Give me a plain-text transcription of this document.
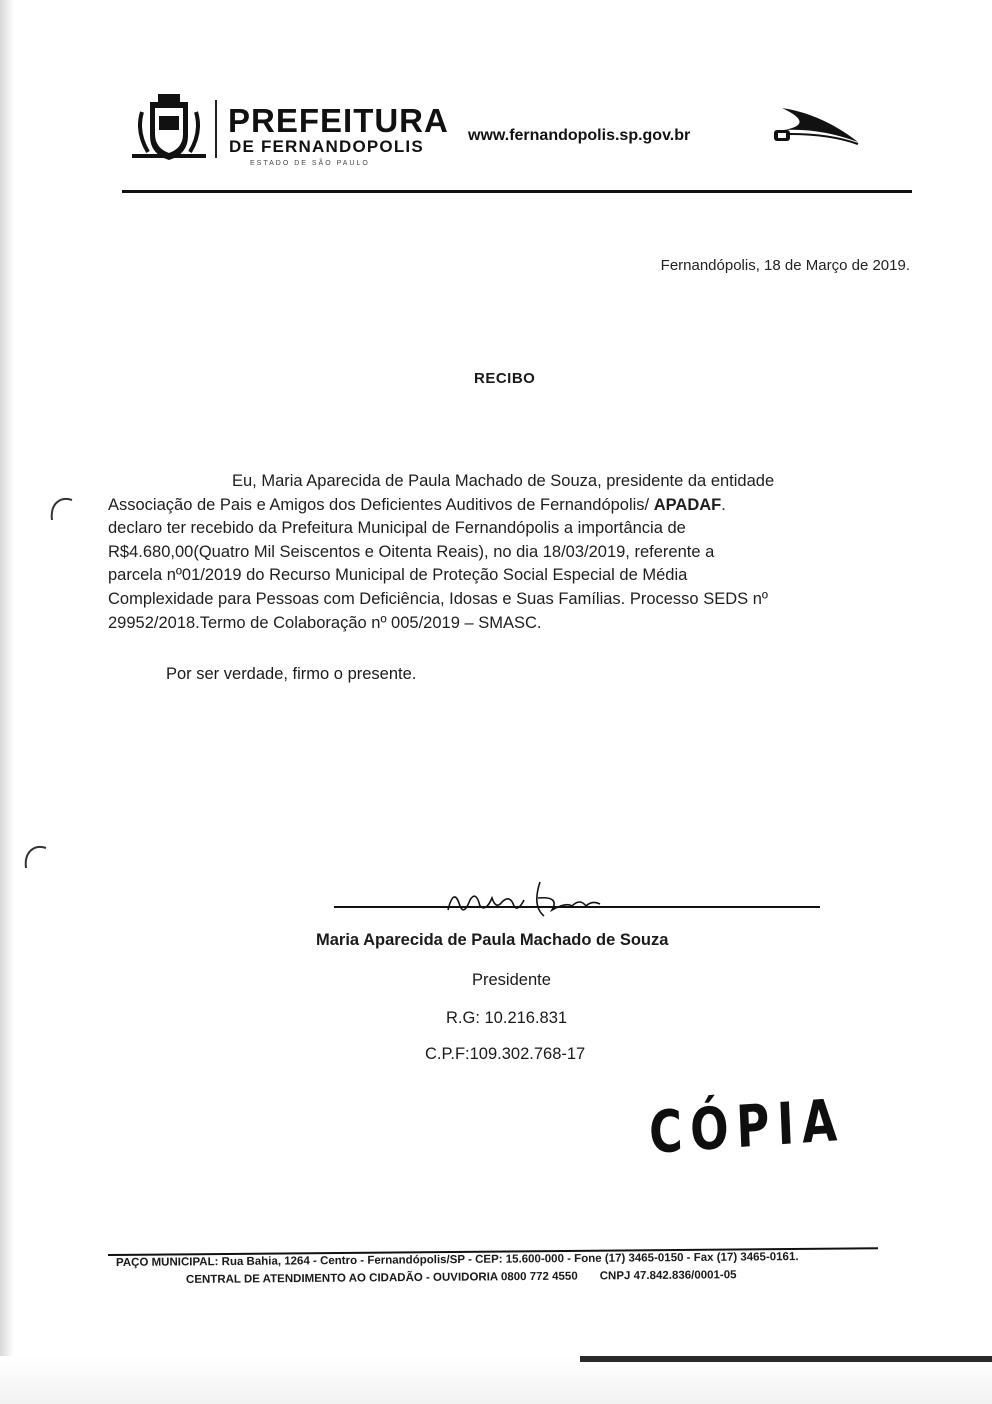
PREFEITURA
DE FERNANDOPOLIS
ESTADO DE SÃO PAULO
www.fernandopolis.sp.gov.br
Fernandópolis, 18 de Março de 2019.
RECIBO
Eu, Maria Aparecida de Paula Machado de Souza, presidente da entidade
Associação de Pais e Amigos dos Deficientes Auditivos de Fernandópolis/ APADAF.
declaro ter recebido da Prefeitura Municipal de Fernandópolis a importância de
R$4.680,00(Quatro Mil Seiscentos e Oitenta Reais), no dia 18/03/2019, referente a
parcela nº01/2019 do Recurso Municipal de Proteção Social Especial de Média
Complexidade para Pessoas com Deficiência, Idosas e Suas Famílias. Processo SEDS nº
29952/2018.Termo de Colaboração nº 005/2019 – SMASC.
Por ser verdade, firmo o presente.
Maria Aparecida de Paula Machado de Souza
Presidente
R.G: 10.216.831
C.P.F:109.302.768-17
CÓPIA
PAÇO MUNICIPAL: Rua Bahia, 1264 - Centro - Fernandópolis/SP - CEP: 15.600-000 - Fone (17) 3465-0150 - Fax (17) 3465-0161.
CENTRAL DE ATENDIMENTO AO CIDADÃO - OUVIDORIA 0800 772 4550 CNPJ 47.842.836/0001-05
